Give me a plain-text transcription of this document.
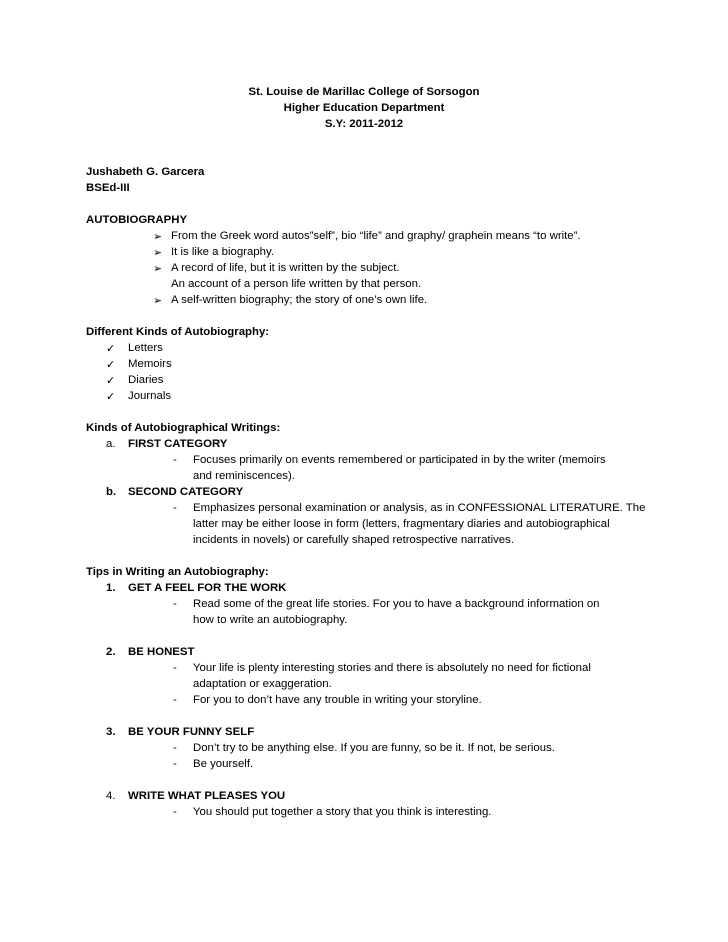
St. Louise de Marillac College of Sorsogon
Higher Education Department
S.Y: 2011-2012
Jushabeth G. Garcera
BSEd-III
AUTOBIOGRAPHY
➢ From the Greek word autos”self”, bio “life” and graphy/ graphein means “to write”.
➢ It is like a biography.
➢ A record of life, but it is written by the subject.
An account of a person life written by that person.
➢ A self-written biography; the story of one’s own life.
Different Kinds of Autobiography:
✓ Letters
✓ Memoirs
✓ Diaries
✓ Journals
Kinds of Autobiographical Writings:
a. FIRST CATEGORY
- Focuses primarily on events remembered or participated in by the writer (memoirs
and reminiscences).
b. SECOND CATEGORY
- Emphasizes personal examination or analysis, as in CONFESSIONAL LITERATURE. The
latter may be either loose in form (letters, fragmentary diaries and autobiographical
incidents in novels) or carefully shaped retrospective narratives.
Tips in Writing an Autobiography:
1. GET A FEEL FOR THE WORK
- Read some of the great life stories. For you to have a background information on
how to write an autobiography.
2. BE HONEST
- Your life is plenty interesting stories and there is absolutely no need for fictional
adaptation or exaggeration.
- For you to don’t have any trouble in writing your storyline.
3. BE YOUR FUNNY SELF
- Don’t try to be anything else. If you are funny, so be it. If not, be serious.
- Be yourself.
4. WRITE WHAT PLEASES YOU
- You should put together a story that you think is interesting.
